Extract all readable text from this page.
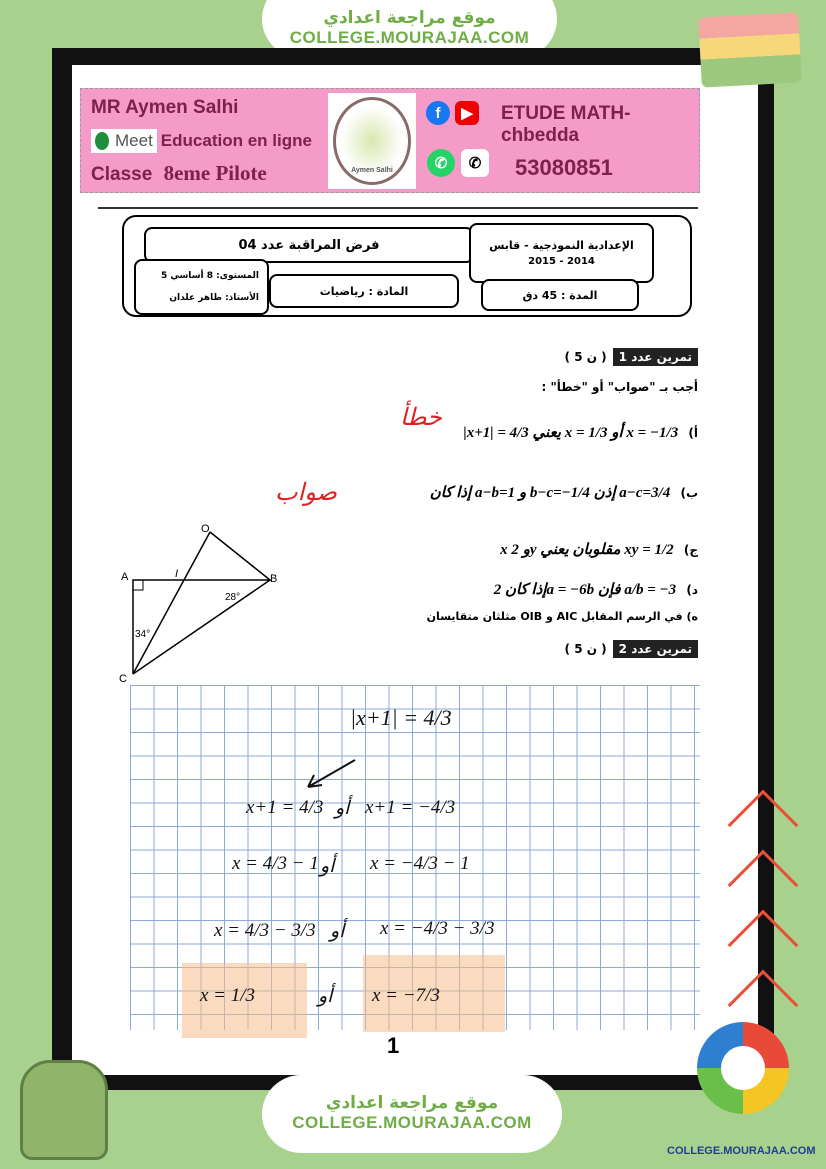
موقع مراجعة اعدادي
COLLEGE.MOURAJAA.COM
MR Aymen Salhi
Meet Education en ligne
Classe 8eme Pilote	Aymen Salhi
f	▶
✆	✆
ETUDE MATH-chbedda
53080851
فرض المراقبة عدد 04	الإعدادية النموذجية - قابس
2015 - 2014
المستوى: 8 أساسي 5
الأستاذ: طاهر علدان
المادة : رياضيات	المدة : 45 دق
( 5 ن )	تمرين عدد 1
أجب بـ "صواب" أو "خطأ" :
أ) |x+1| = 4/3 يعني x = 1/3 أو x = −1/3
خطأ
ب) إذا كان a−b=1 و b−c=−1/4 إذن a−c=3/4
صواب
ج) x و 2y مقلوبان يعني xy = 1/2
د) إذا كان 2a = −6b فإن a/b = −3
ه) في الرسم المقابل AIC و OIB مثلثان متقايسان
( 5 ن )	تمرين عدد 2
O
A	I	B
C
28°
34°
|x+1| = 4/3
x+1 = 4/3 أو x+1 = −4/3
x = 4/3 − 1 أو x = −4/3 − 1
x = 4/3 − 3/3 أو x = −4/3 − 3/3
x = 1/3	أو x = −7/3
1
موقع مراجعة اعدادي
COLLEGE.MOURAJAA.COM
COLLEGE.MOURAJAA.COM
